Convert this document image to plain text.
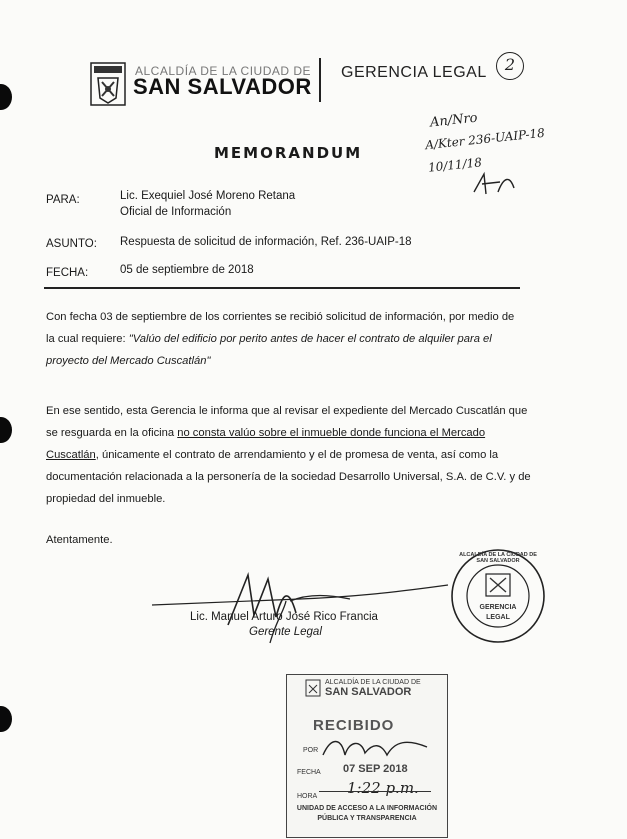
ALCALDÍA DE LA CIUDAD DE
SAN SALVADOR
GERENCIA LEGAL	2
MEMORANDUM
An/Nro
A/Kter 236-UAIP-18
10/11/18
PARA:	Lic. Exequiel José Moreno Retana
Oficial de Información
ASUNTO: Respuesta de solicitud de información, Ref. 236-UAIP-18
FECHA:	05 de septiembre de 2018
Con fecha 03 de septiembre de los corrientes se recibió solicitud de información, por medio de
la cual requiere: "Valúo del edificio por perito antes de hacer el contrato de alquiler para el
proyecto del Mercado Cuscatlán"
En ese sentido, esta Gerencia le informa que al revisar el expediente del Mercado Cuscatlán que
se resguarda en la oficina no consta valúo sobre el inmueble donde funciona el Mercado
Cuscatlán, únicamente el contrato de arrendamiento y el de promesa de venta, así como la
documentación relacionada a la personería de la sociedad Desarrollo Universal, S.A. de C.V. y de
propiedad del inmueble.
Atentamente.
Lic. Manuel Arturo José Rico Francia
Gerente Legal
ALCALDÍA DE LA CIUDAD DE SAN SALVADOR
GERENCIA
LEGAL
ALCALDÍA DE LA CIUDAD DE
SAN SALVADOR
RECIBIDO
POR
FECHA 07 SEP 2018
1:22 p.m.
HORA
UNIDAD DE ACCESO A LA INFORMACIÓN
PÚBLICA Y TRANSPARENCIA
